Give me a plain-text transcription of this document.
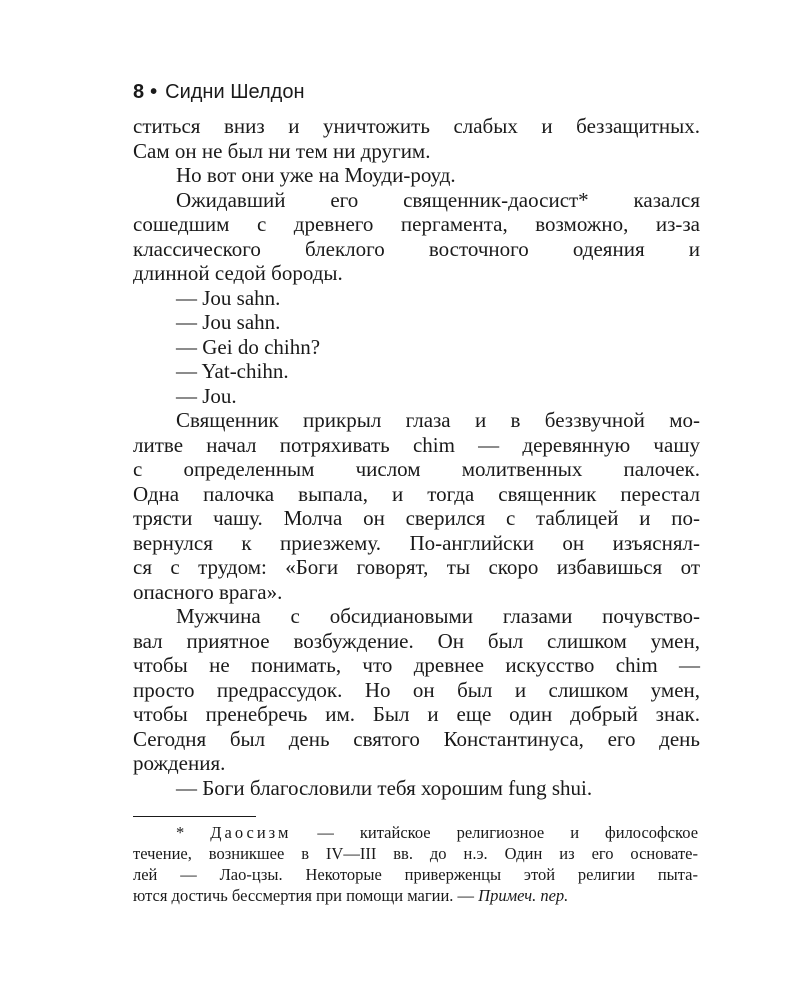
8 • Сидни Шелдон
ститься вниз и уничтожить слабых и беззащитных.
Сам он не был ни тем ни другим.
Но вот они уже на Моуди-роуд.
Ожидавший его священник-даосист* казался
сошедшим с древнего пергамента, возможно, из-за
классического блеклого восточного одеяния и
длинной седой бороды.
— Jou sahn.
— Jou sahn.
— Gei do chihn?
— Yat-chihn.
— Jou.
Священник прикрыл глаза и в беззвучной мо-
литве начал потряхивать chim — деревянную чашу
с определенным числом молитвенных палочек.
Одна палочка выпала, и тогда священник перестал
трясти чашу. Молча он сверился с таблицей и по-
вернулся к приезжему. По-английски он изъяснял-
ся с трудом: «Боги говорят, ты скоро избавишься от
опасного врага».
Мужчина с обсидиановыми глазами почувство-
вал приятное возбуждение. Он был слишком умен,
чтобы не понимать, что древнее искусство chim —
просто предрассудок. Но он был и слишком умен,
чтобы пренебречь им. Был и еще один добрый знак.
Сегодня был день святого Константинуса, его день
рождения.
— Боги благословили тебя хорошим fung shui.
* Даосизм — китайское религиозное и философское
течение, возникшее в IV—III вв. до н.э. Один из его основате-
лей — Лао-цзы. Некоторые приверженцы этой религии пыта-
ются достичь бессмертия при помощи магии. — Примеч. пер.
